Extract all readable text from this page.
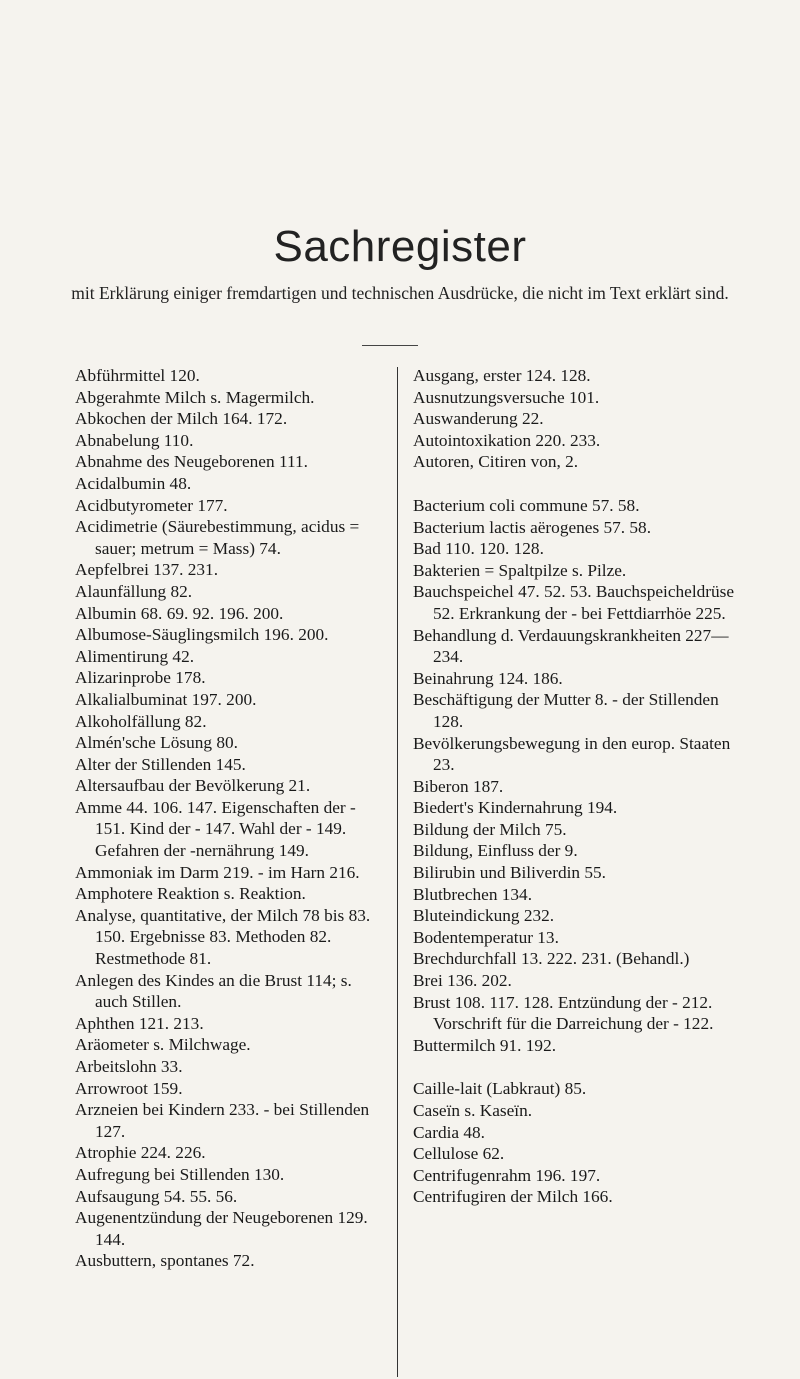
Sachregister
mit Erklärung einiger fremdartigen und technischen Ausdrücke, die nicht im Text erklärt sind.

Abführmittel 120.

Abgerahmte Milch s. Magermilch.

Abkochen der Milch 164. 172.

Abnabelung 110.

Abnahme des Neugeborenen 111.

Acidalbumin 48.

Acidbutyrometer 177.

Acidimetrie (Säurebestimmung, acidus = sauer; metrum = Mass) 74.

Aepfelbrei 137. 231.

Alaunfällung 82.

Albumin 68. 69. 92. 196. 200.

Albumose-Säuglingsmilch 196. 200.

Alimentirung 42.

Alizarinprobe 178.

Alkalialbuminat 197. 200.

Alkoholfällung 82.

Almén'sche Lösung 80.

Alter der Stillenden 145.

Altersaufbau der Bevölkerung 21.

Amme 44. 106. 147. Eigenschaften der - 151. Kind der - 147. Wahl der - 149. Gefahren der -nernährung 149.

Ammoniak im Darm 219. - im Harn 216.

Amphotere Reaktion s. Reaktion.

Analyse, quantitative, der Milch 78 bis 83. 150. Ergebnisse 83. Methoden 82. Restmethode 81.

Anlegen des Kindes an die Brust 114; s. auch Stillen.

Aphthen 121. 213.

Aräometer s. Milchwage.

Arbeitslohn 33.

Arrowroot 159.

Arzneien bei Kindern 233. - bei Stillenden 127.

Atrophie 224. 226.

Aufregung bei Stillenden 130.

Aufsaugung 54. 55. 56.

Augenentzündung der Neugeborenen 129. 144.

Ausbuttern, spontanes 72.

Ausgang, erster 124. 128.

Ausnutzungsversuche 101.

Auswanderung 22.

Autointoxikation 220. 233.

Autoren, Citiren von, 2.

Bacterium coli commune 57. 58.

Bacterium lactis aërogenes 57. 58.

Bad 110. 120. 128.

Bakterien = Spaltpilze s. Pilze.

Bauchspeichel 47. 52. 53. Bauchspeicheldrüse 52. Erkrankung der - bei Fettdiarrhöe 225.

Behandlung d. Verdauungskrankheiten 227—234.

Beinahrung 124. 186.

Beschäftigung der Mutter 8. - der Stillenden 128.

Bevölkerungsbewegung in den europ. Staaten 23.

Biberon 187.

Biedert's Kindernahrung 194.

Bildung der Milch 75.

Bildung, Einfluss der 9.

Bilirubin und Biliverdin 55.

Blutbrechen 134.

Bluteindickung 232.

Bodentemperatur 13.

Brechdurchfall 13. 222. 231. (Behandl.)

Brei 136. 202.

Brust 108. 117. 128. Entzündung der - 212. Vorschrift für die Darreichung der - 122.

Buttermilch 91. 192.

Caille-lait (Labkraut) 85.

Caseïn s. Kaseïn.

Cardia 48.

Cellulose 62.

Centrifugenrahm 196. 197.

Centrifugiren der Milch 166.
